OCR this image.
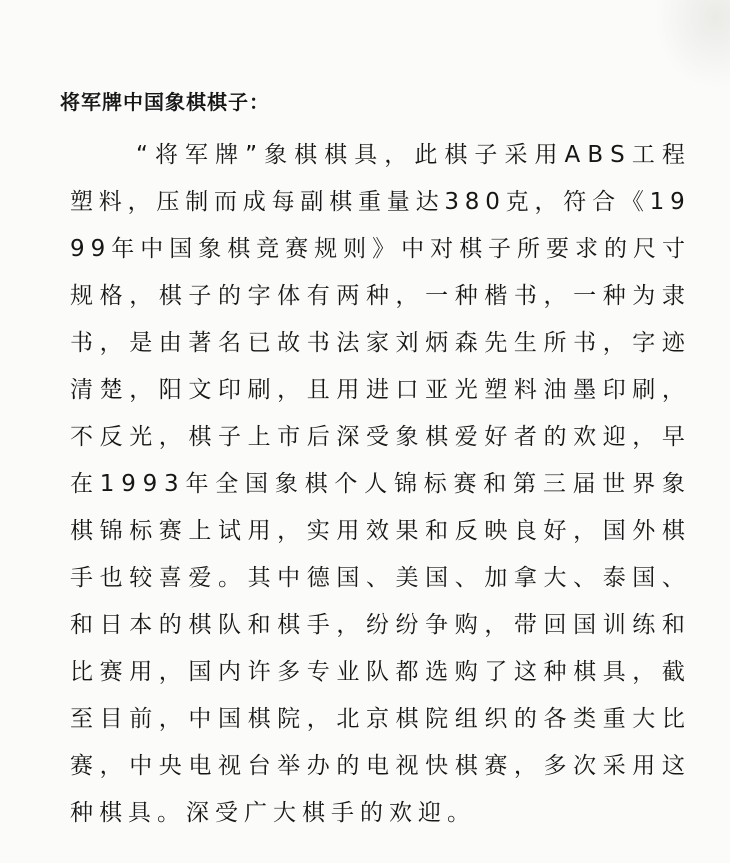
将军牌中国象棋棋子：
“ 将 军 牌 ” 象 棋 棋 具 ， 此 棋 子 采 用 A B S 工 程
塑 料 ， 压 制 而 成 每 副 棋 重 量 达 3 8 0 克 ， 符 合 《 1 9
9 9 年 中 国 象 棋 竞 赛 规 则 》 中 对 棋 子 所 要 求 的 尺 寸
规 格 ， 棋 子 的 字 体 有 两 种 ， 一 种 楷 书 ， 一 种 为 隶
书 ， 是 由 著 名 已 故 书 法 家 刘 炳 森 先 生 所 书 ， 字 迹
清 楚 ， 阳 文 印 刷 ， 且 用 进 口 亚 光 塑 料 油 墨 印 刷 ，
不 反 光 ， 棋 子 上 市 后 深 受 象 棋 爱 好 者 的 欢 迎 ， 早
在 1 9 9 3 年 全 国 象 棋 个 人 锦 标 赛 和 第 三 届 世 界 象
棋 锦 标 赛 上 试 用 ， 实 用 效 果 和 反 映 良 好 ， 国 外 棋
手 也 较 喜 爱 。 其 中 德 国 、 美 国 、 加 拿 大 、 泰 国 、
和 日 本 的 棋 队 和 棋 手 ， 纷 纷 争 购 ， 带 回 国 训 练 和
比 赛 用 ， 国 内 许 多 专 业 队 都 选 购 了 这 种 棋 具 ， 截
至 目 前 ， 中 国 棋 院 ， 北 京 棋 院 组 织 的 各 类 重 大 比
赛 ， 中 央 电 视 台 举 办 的 电 视 快 棋 赛 ， 多 次 采 用 这
种棋具。深受广大棋手的欢迎。
